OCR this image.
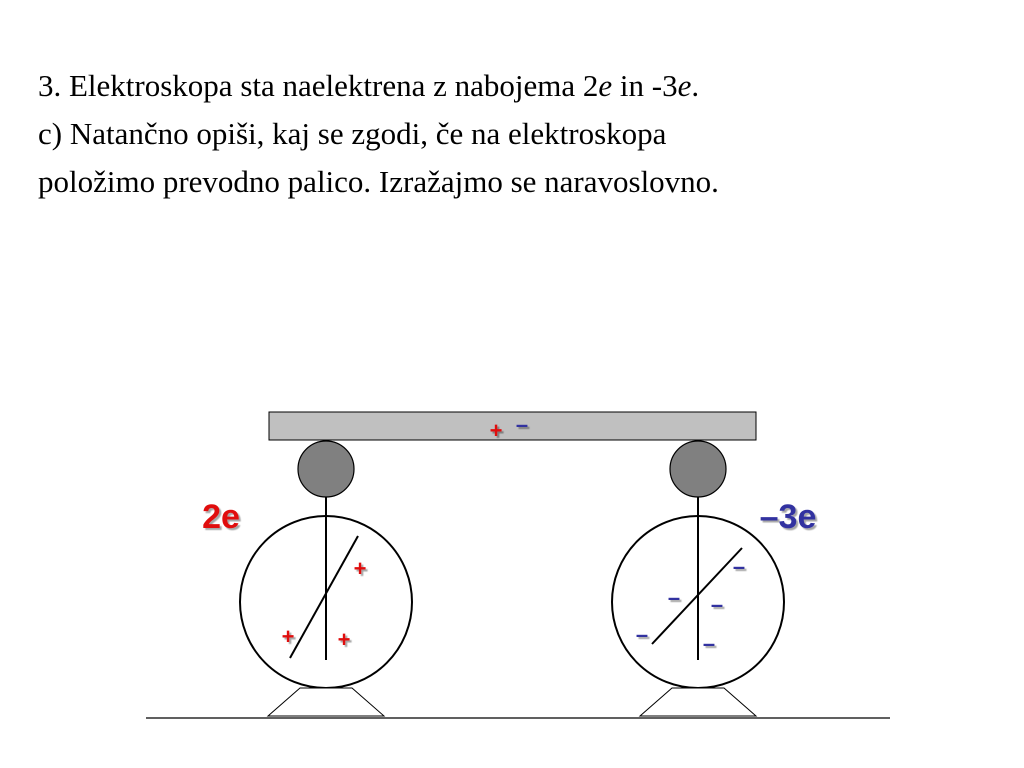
3. Elektroskopa sta naelektrena z nabojema 2e in -3e.

c) Natančno opiši, kaj se zgodi, če na elektroskopa

položimo prevodno palico. Izražajmo se naravoslovno.

+ –
2e
+
+ +
–3e
–
– –
– –
